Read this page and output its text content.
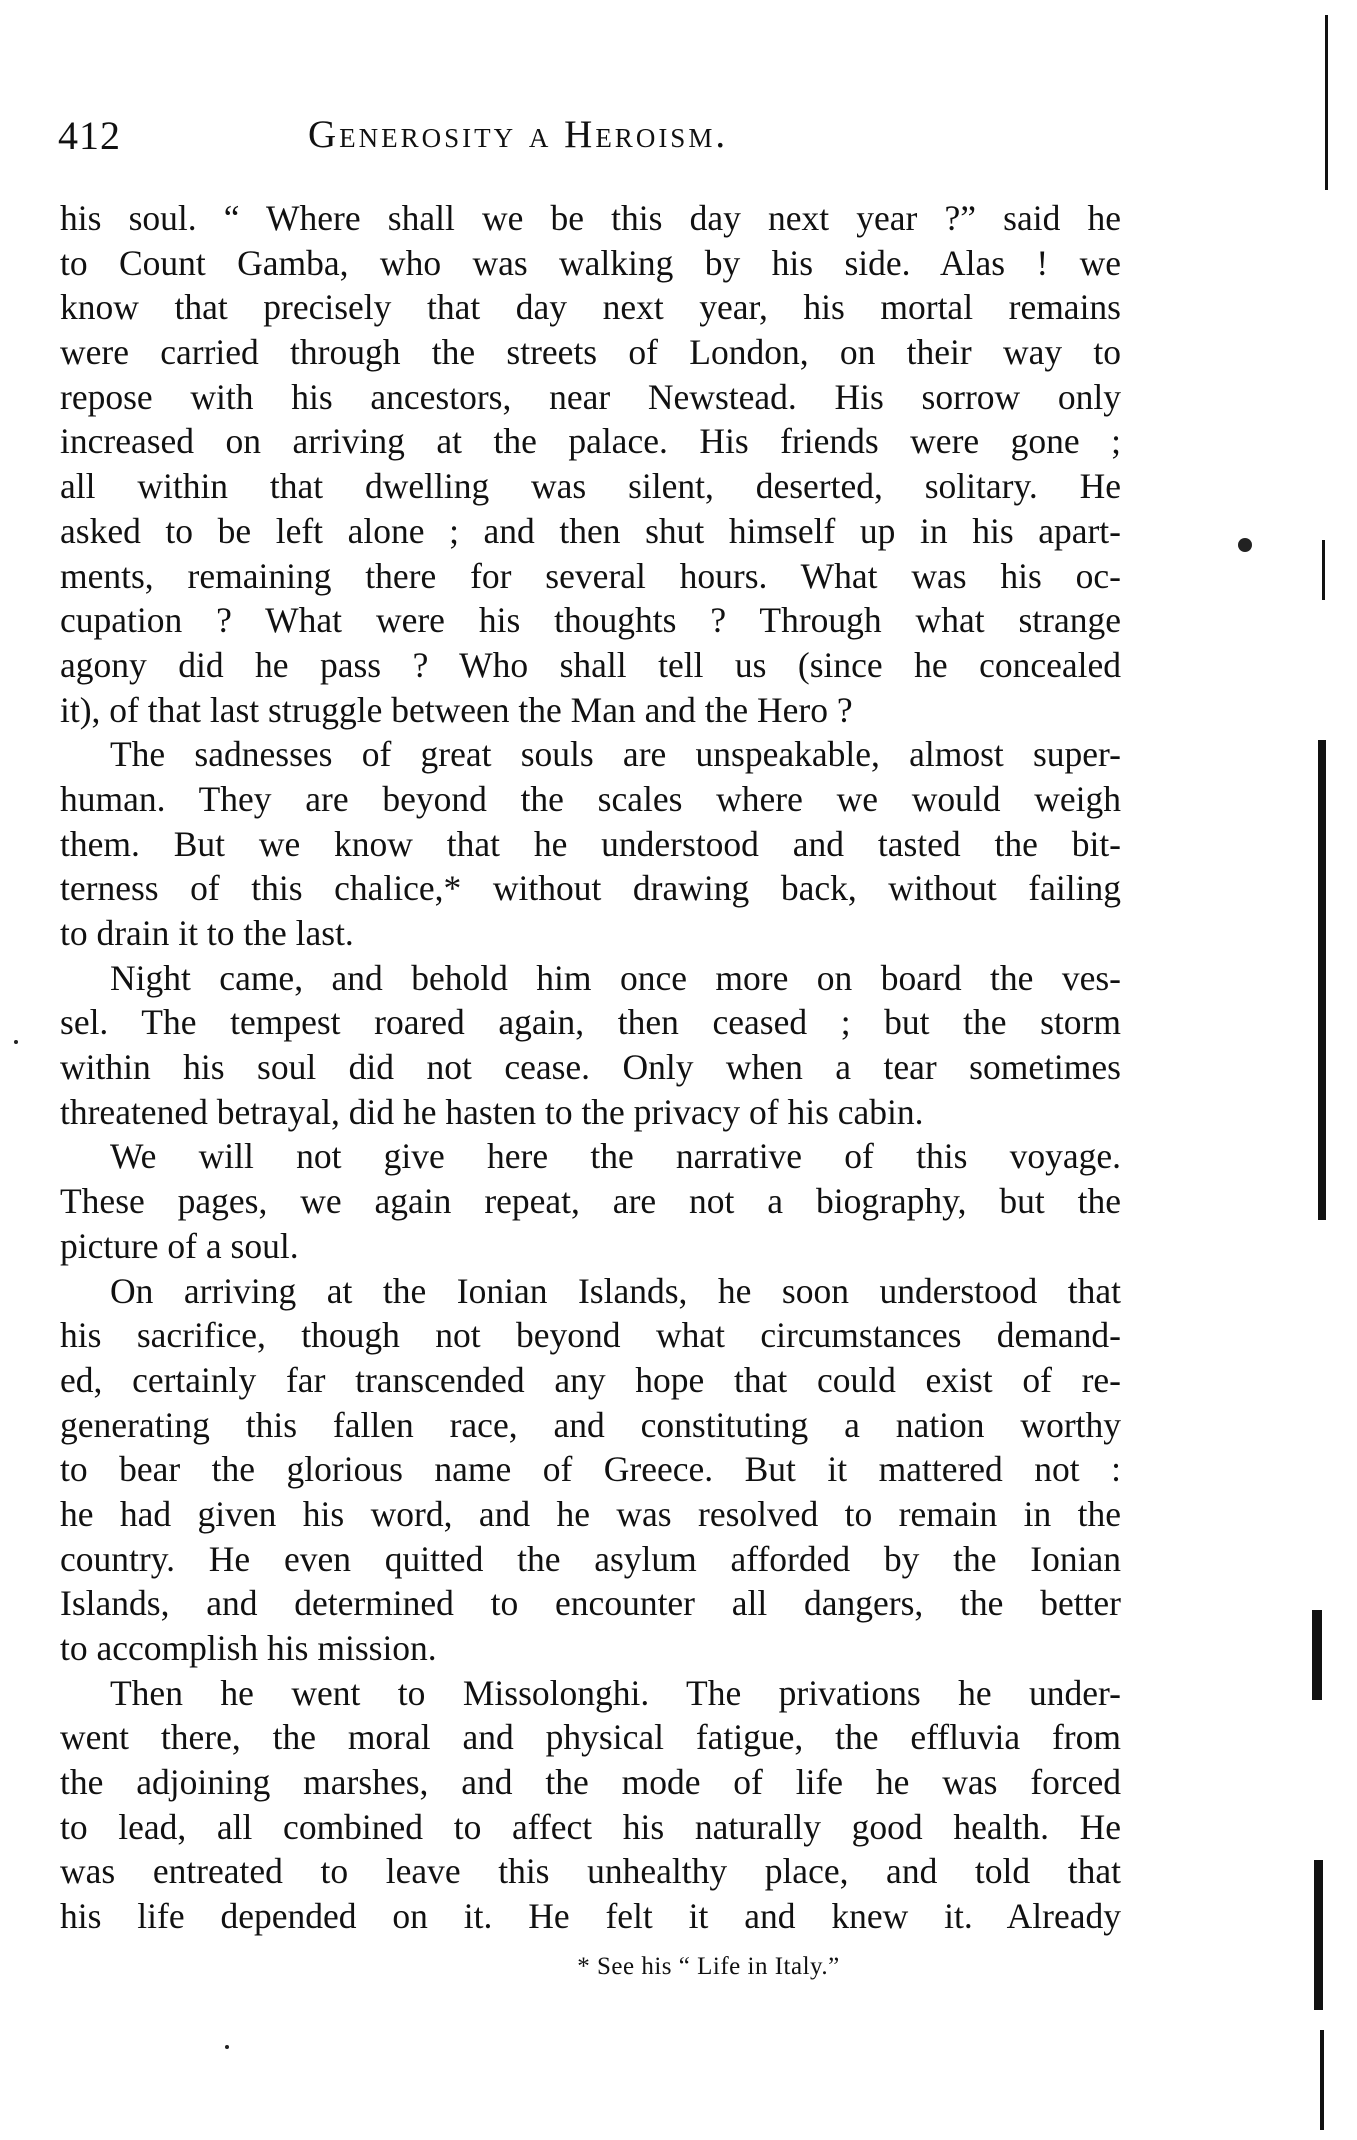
412	Generosity a Heroism.
his soul. “ Where shall we be this day next year ?” said he
to Count Gamba, who was walking by his side. Alas ! we
know that precisely that day next year, his mortal remains
were carried through the streets of London, on their way to
repose with his ancestors, near Newstead. His sorrow only
increased on arriving at the palace. His friends were gone ;
all within that dwelling was silent, deserted, solitary. He
asked to be left alone ; and then shut himself up in his apart-
ments, remaining there for several hours. What was his oc-
cupation ? What were his thoughts ? Through what strange
agony did he pass ? Who shall tell us (since he concealed
it), of that last struggle between the Man and the Hero ?
The sadnesses of great souls are unspeakable, almost super-
human. They are beyond the scales where we would weigh
them. But we know that he understood and tasted the bit-
terness of this chalice,* without drawing back, without failing
to drain it to the last.
Night came, and behold him once more on board the ves-
sel. The tempest roared again, then ceased ; but the storm
within his soul did not cease. Only when a tear sometimes
threatened betrayal, did he hasten to the privacy of his cabin.
We will not give here the narrative of this voyage.
These pages, we again repeat, are not a biography, but the
picture of a soul.
On arriving at the Ionian Islands, he soon understood that
his sacrifice, though not beyond what circumstances demand-
ed, certainly far transcended any hope that could exist of re-
generating this fallen race, and constituting a nation worthy
to bear the glorious name of Greece. But it mattered not :
he had given his word, and he was resolved to remain in the
country. He even quitted the asylum afforded by the Ionian
Islands, and determined to encounter all dangers, the better
to accomplish his mission.
Then he went to Missolonghi. The privations he under-
went there, the moral and physical fatigue, the effluvia from
the adjoining marshes, and the mode of life he was forced
to lead, all combined to affect his naturally good health. He
was entreated to leave this unhealthy place, and told that
his life depended on it. He felt it and knew it. Already
* See his “ Life in Italy.”
